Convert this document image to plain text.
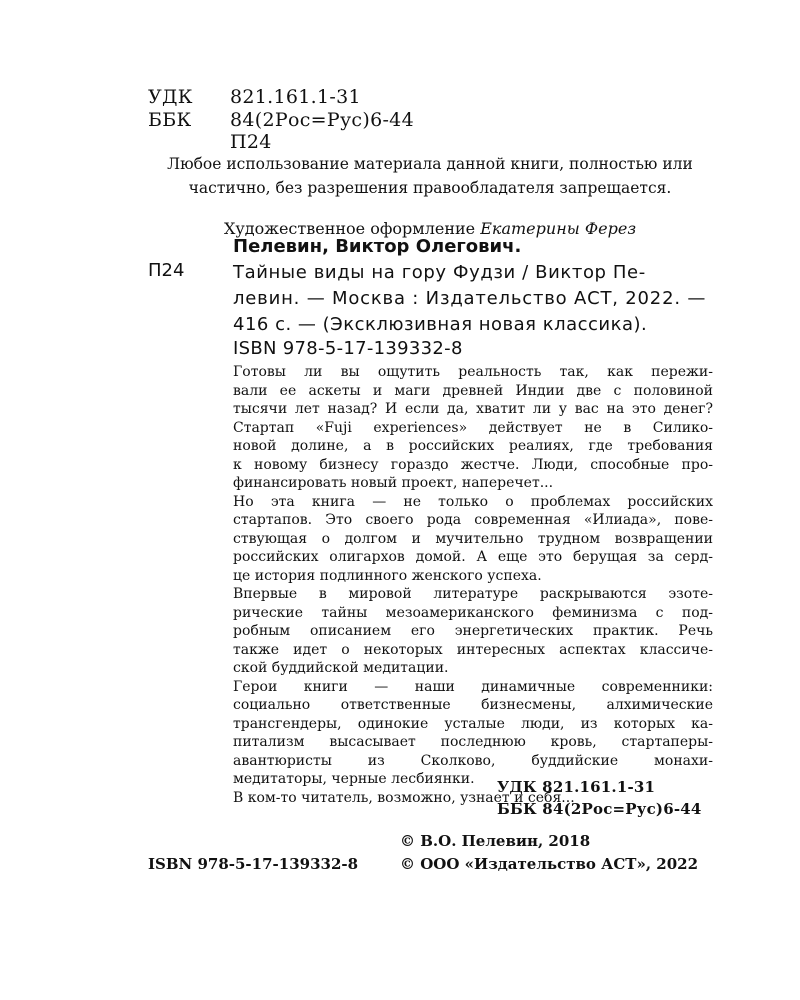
УДК 821.161.1-31
ББК 84(2Рос=Рус)6-44
П24
Любое использование материала данной книги, полностью или
частично, без разрешения правообладателя запрещается.
Художественное оформление Екатерины Ферез
Пелевин, Виктор Олегович.
П24	Тайные виды на гору Фудзи / Виктор Пе-
левин. — Москва : Издательство АСТ, 2022. —
416 с. — (Эксклюзивная новая классика).
ISBN 978-5-17-139332-8
Готовы ли вы ощутить реальность так, как пережи-
вали ее аскеты и маги древней Индии две с половиной
тысячи лет назад? И если да, хватит ли у вас на это денег?
Стартап «Fuji experiences» действует не в Силико-
новой долине, а в российских реалиях, где требования
к новому бизнесу гораздо жестче. Люди, способные про-
финансировать новый проект, наперечет...
Но эта книга — не только о проблемах российских
стартапов. Это своего рода современная «Илиада», пове-
ствующая о долгом и мучительно трудном возвращении
российских олигархов домой. А еще это берущая за серд-
це история подлинного женского успеха.
Впервые в мировой литературе раскрываются эзоте-
рические тайны мезоамериканского феминизма с под-
робным описанием его энергетических практик. Речь
также идет о некоторых интересных аспектах классиче-
ской буддийской медитации.
Герои книги — наши динамичные современники:
социально ответственные бизнесмены, алхимические
трансгендеры, одинокие усталые люди, из которых ка-
питализм высасывает последнюю кровь, стартаперы-
авантюристы из Сколково, буддийские монахи-
медитаторы, черные лесбиянки.
В ком-то читатель, возможно, узнает и себя...
УДК 821.161.1-31
ББК 84(2Рос=Рус)6-44
© В.О. Пелевин, 2018
ISBN 978-5-17-139332-8	© ООО «Издательство АСТ», 2022
